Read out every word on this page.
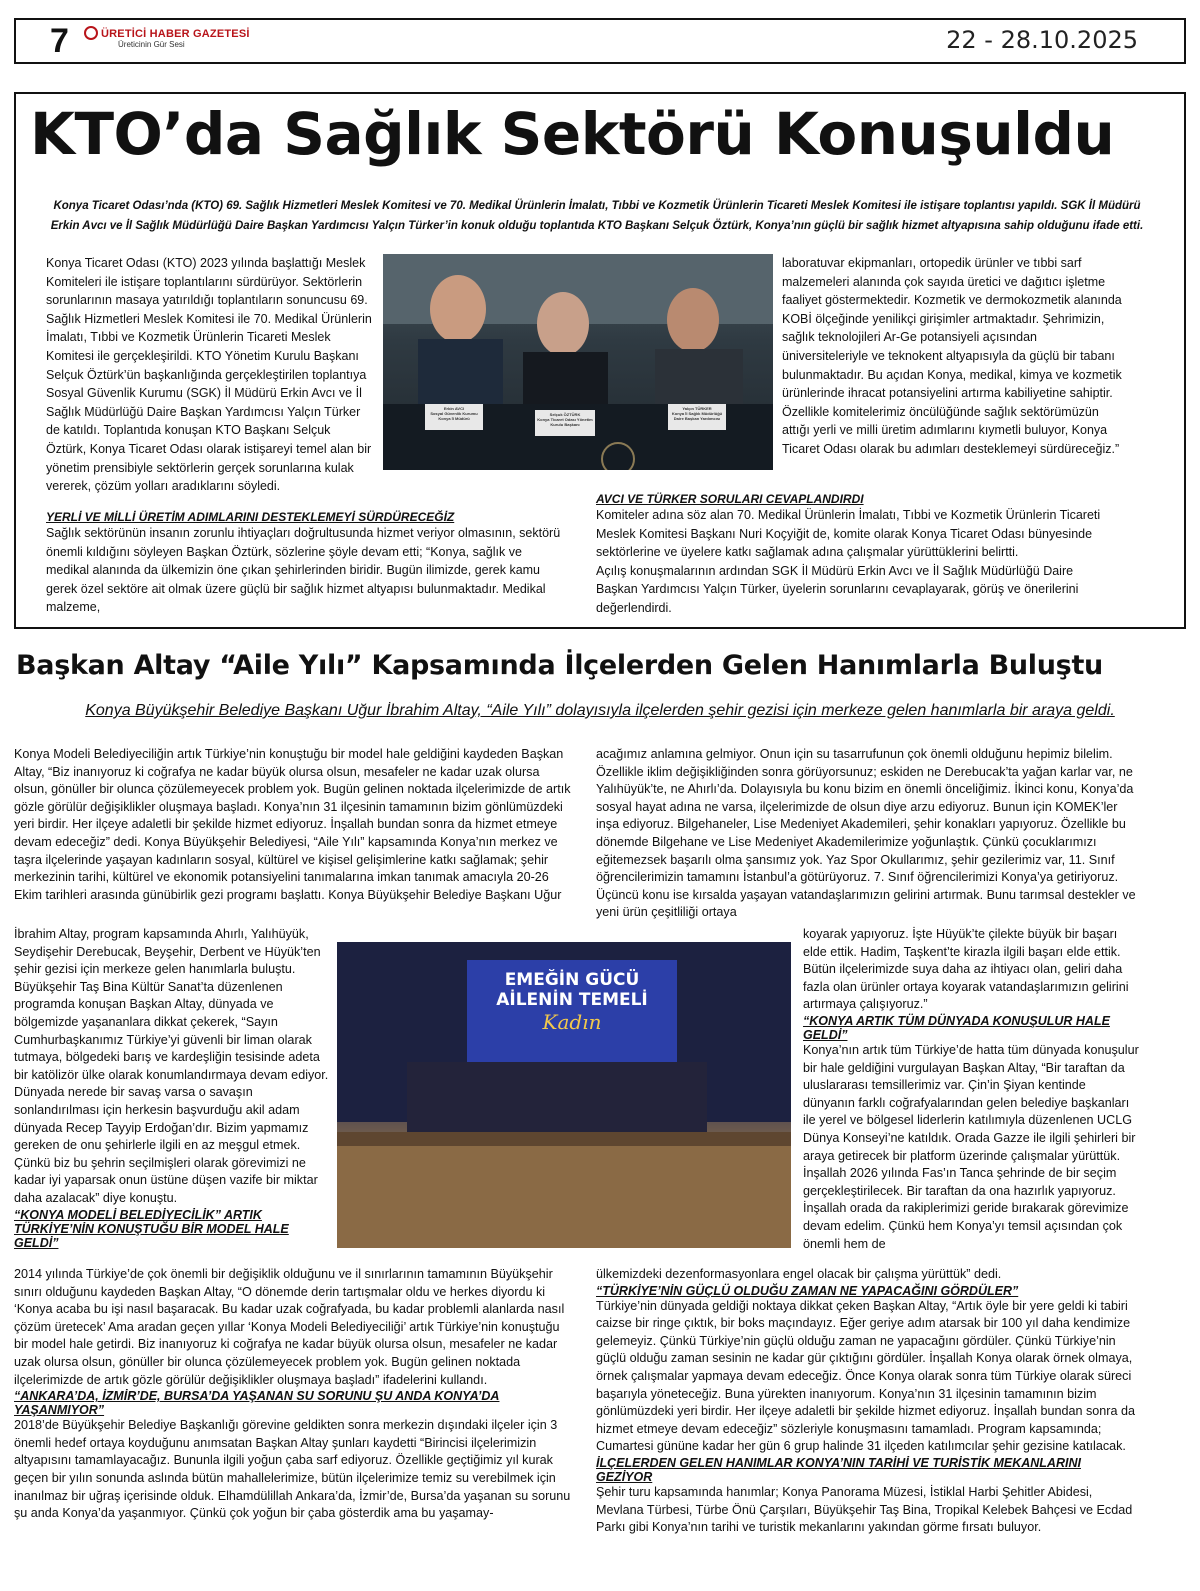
7	ÜRETİCİ HABER GAZETESİ
Üreticinin Gür Sesi	22 - 28.10.2025
KTO’da Sağlık Sektörü Konuşuldu
Konya Ticaret Odası’nda (KTO) 69. Sağlık Hizmetleri Meslek Komitesi ve 70. Medikal Ürünlerin İmalatı, Tıbbi ve Kozmetik Ürünlerin Ticareti Meslek Komitesi ile istişare toplantısı yapıldı. SGK İl Müdürü Erkin Avcı ve İl Sağlık Müdürlüğü Daire Başkan Yardımcısı Yalçın Türker’in konuk olduğu toplantıda KTO Başkanı Selçuk Öztürk, Konya’nın güçlü bir sağlık hizmet altyapısına sahip olduğunu ifade etti.

Konya Ticaret Odası (KTO) 2023 yılında başlattığı Meslek Komiteleri ile istişare toplantılarını sürdürüyor. Sektörlerin sorunlarının masaya yatırıldığı toplantıların sonuncusu 69. Sağlık Hizmetleri Meslek Komitesi ile 70. Medikal Ürünlerin İmalatı, Tıbbi ve Kozmetik Ürünlerin Ticareti Meslek Komitesi ile gerçekleşirildi. KTO Yönetim Kurulu Başkanı Selçuk Öztürk’ün başkanlığında gerçekleştirilen toplantıya Sosyal Güvenlik Kurumu (SGK) İl Müdürü Erkin Avcı ve İl Sağlık Müdürlüğü Daire Başkan Yardımcısı Yalçın Türker de katıldı. Toplantıda konuşan KTO Başkanı Selçuk Öztürk, Konya Ticaret Odası olarak istişareyi temel alan bir yönetim prensibiyle sektörlerin gerçek sorunlarına kulak vererek, çözüm yolları aradıklarını söyledi.

Erkin AVCI
Sosyal Güvenlik Kurumu Konya İl Müdürü
Selçuk ÖZTÜRK
Konya Ticaret Odası Yönetim Kurulu Başkanı
Yalçın TÜRKER
Konya İl Sağlık Müdürlüğü Daire Başkan Yardımcısı

laboratuvar ekipmanları, ortopedik ürünler ve tıbbi sarf malzemeleri alanında çok sayıda üretici ve dağıtıcı işletme faaliyet göstermektedir. Kozmetik ve dermokozmetik alanında KOBİ ölçeğinde yenilikçi girişimler artmaktadır. Şehrimizin, sağlık teknolojileri Ar-Ge potansiyeli açısından üniversiteleriyle ve teknokent altyapısıyla da güçlü bir tabanı bulunmaktadır. Bu açıdan Konya, medikal, kimya ve kozmetik ürünlerinde ihracat potansiyelini artırma kabiliyetine sahiptir. Özellikle komitelerimiz öncülüğünde sağlık sektörümüzün attığı yerli ve milli üretim adımlarını kıymetli buluyor, Konya Ticaret Odası olarak bu adımları desteklemeyi sürdüreceğiz.”

YERLİ VE MİLLİ ÜRETİM ADIMLARINI DESTEKLEMEYİ SÜRDÜRECEĞİZ

Sağlık sektörünün insanın zorunlu ihtiyaçları doğrultusunda hizmet veriyor olmasının, sektörü önemli kıldığını söyleyen Başkan Öztürk, sözlerine şöyle devam etti; “Konya, sağlık ve medikal alanında da ülkemizin öne çıkan şehirlerinden biridir. Bugün ilimizde, gerek kamu gerek özel sektöre ait olmak üzere güçlü bir sağlık hizmet altyapısı bulunmaktadır. Medikal malzeme,

AVCI VE TÜRKER SORULARI CEVAPLANDIRDI

Komiteler adına söz alan 70. Medikal Ürünlerin İmalatı, Tıbbi ve Kozmetik Ürünlerin Ticareti Meslek Komitesi Başkanı Nuri Koçyiğit de, komite olarak Konya Ticaret Odası bünyesinde sektörlerine ve üyelere katkı sağlamak adına çalışmalar yürüttüklerini belirtti.

Açılış konuşmalarının ardından SGK İl Müdürü Erkin Avcı ve İl Sağlık Müdürlüğü Daire Başkan Yardımcısı Yalçın Türker, üyelerin sorunlarını cevaplayarak, görüş ve önerilerini değerlendirdi.

Başkan Altay “Aile Yılı” Kapsamında İlçelerden Gelen Hanımlarla Buluştu
Konya Büyükşehir Belediye Başkanı Uğur İbrahim Altay, “Aile Yılı” dolayısıyla ilçelerden şehir gezisi için merkeze gelen hanımlarla bir araya geldi.

Konya Modeli Belediyeciliğin artık Türkiye’nin konuştuğu bir model hale geldiğini kaydeden Başkan Altay, “Biz inanıyoruz ki coğrafya ne kadar büyük olursa olsun, mesafeler ne kadar uzak olursa olsun, gönüller bir olunca çözülemeyecek problem yok. Bugün gelinen noktada ilçelerimizde de artık gözle görülür değişiklikler oluşmaya başladı. Konya’nın 31 ilçesinin tamamının bizim gönlümüzdeki yeri birdir. Her ilçeye adaletli bir şekilde hizmet ediyoruz. İnşallah bundan sonra da hizmet etmeye devam edeceğiz” dedi. Konya Büyükşehir Belediyesi, “Aile Yılı” kapsamında Konya’nın merkez ve taşra ilçelerinde yaşayan kadınların sosyal, kültürel ve kişisel gelişimlerine katkı sağlamak; şehir merkezinin tarihi, kültürel ve ekonomik potansiyelini tanımalarına imkan tanımak amacıyla 20-26 Ekim tarihleri arasında günübirlik gezi programı başlattı. Konya Büyükşehir Belediye Başkanı Uğur

İbrahim Altay, program kapsamında Ahırlı, Yalıhüyük, Seydişehir Derebucak, Beyşehir, Derbent ve Hüyük’ten şehir gezisi için merkeze gelen hanımlarla buluştu. Büyükşehir Taş Bina Kültür Sanat’ta düzenlenen programda konuşan Başkan Altay, dünyada ve bölgemizde yaşananlara dikkat çekerek, “Sayın Cumhurbaşkanımız Türkiye’yi güvenli bir liman olarak tutmaya, bölgedeki barış ve kardeşliğin tesisinde adeta bir katölizör ülke olarak konumlandırmaya devam ediyor. Dünyada nerede bir savaş varsa o savaşın sonlandırılması için herkesin başvurduğu akil adam dünyada Recep Tayyip Erdoğan’dır. Bizim yapmamız gereken de onu şehirlerle ilgili en az meşgul etmek. Çünkü biz bu şehrin seçilmişleri olarak görevimizi ne kadar iyi yaparsak onun üstüne düşen vazife bir miktar daha azalacak” diye konuştu.

“KONYA MODELİ BELEDİYECİLİK” ARTIK TÜRKİYE’NİN KONUŞTUĞU BİR MODEL HALE GELDİ”
EMEĞİN GÜCÜ
AİLENİN TEMELİ
Kadın

2014 yılında Türkiye’de çok önemli bir değişiklik olduğunu ve il sınırlarının tamamının Büyükşehir sınırı olduğunu kaydeden Başkan Altay, “O dönemde derin tartışmalar oldu ve herkes diyordu ki ‘Konya acaba bu işi nasıl başaracak. Bu kadar uzak coğrafyada, bu kadar problemli alanlarda nasıl çözüm üretecek’ Ama aradan geçen yıllar ‘Konya Modeli Belediyeciliği’ artık Türkiye’nin konuştuğu bir model hale getirdi. Biz inanıyoruz ki coğrafya ne kadar büyük olursa olsun, mesafeler ne kadar uzak olursa olsun, gönüller bir olunca çözülemeyecek problem yok. Bugün gelinen noktada ilçelerimizde de artık gözle görülür değişiklikler oluşmaya başladı” ifadelerini kullandı.

“ANKARA’DA, İZMİR’DE, BURSA’DA YAŞANAN SU SORUNU ŞU ANDA KONYA’DA YAŞANMIYOR”

2018’de Büyükşehir Belediye Başkanlığı görevine geldikten sonra merkezin dışındaki ilçeler için 3 önemli hedef ortaya koyduğunu anımsatan Başkan Altay şunları kaydetti “Birincisi ilçelerimizin altyapısını tamamlayacağız. Bununla ilgili yoğun çaba sarf ediyoruz. Özellikle geçtiğimiz yıl kurak geçen bir yılın sonunda aslında bütün mahallelerimize, bütün ilçelerimize temiz su verebilmek için inanılmaz bir uğraş içerisinde olduk. Elhamdülillah Ankara’da, İzmir’de, Bursa’da yaşanan su sorunu şu anda Konya’da yaşanmıyor. Çünkü çok yoğun bir çaba gösterdik ama bu yaşamay-

acağımız anlamına gelmiyor. Onun için su tasarrufunun çok önemli olduğunu hepimiz bilelim. Özellikle iklim değişikliğinden sonra görüyorsunuz; eskiden ne Derebucak’ta yağan karlar var, ne Yalıhüyük’te, ne Ahırlı’da. Dolayısıyla bu konu bizim en önemli önceliğimiz. İkinci konu, Konya’da sosyal hayat adına ne varsa, ilçelerimizde de olsun diye arzu ediyoruz. Bunun için KOMEK’ler inşa ediyoruz. Bilgehaneler, Lise Medeniyet Akademileri, şehir konakları yapıyoruz. Özellikle bu dönemde Bilgehane ve Lise Medeniyet Akademilerimize yoğunlaştık. Çünkü çocuklarımızı eğitemezsek başarılı olma şansımız yok. Yaz Spor Okullarımız, şehir gezilerimiz var, 11. Sınıf öğrencilerimizin tamamını İstanbul’a götürüyoruz. 7. Sınıf öğrencilerimizi Konya’ya getiriyoruz. Üçüncü konu ise kırsalda yaşayan vatandaşlarımızın gelirini artırmak. Bunu tarımsal destekler ve yeni ürün çeşitliliği ortaya

koyarak yapıyoruz. İşte Hüyük’te çilekte büyük bir başarı elde ettik. Hadim, Taşkent’te kirazla ilgili başarı elde ettik. Bütün ilçelerimizde suya daha az ihtiyacı olan, geliri daha fazla olan ürünler ortaya koyarak vatandaşlarımızın gelirini artırmaya çalışıyoruz.”

“KONYA ARTIK TÜM DÜNYADA KONUŞULUR HALE GELDİ”

Konya’nın artık tüm Türkiye’de hatta tüm dünyada konuşulur bir hale geldiğini vurgulayan Başkan Altay, “Bir taraftan da uluslararası temsillerimiz var. Çin’in Şiyan kentinde dünyanın farklı coğrafyalarından gelen belediye başkanları ile yerel ve bölgesel liderlerin katılımıyla düzenlenen UCLG Dünya Konseyi’ne katıldık. Orada Gazze ile ilgili şehirleri bir araya getirecek bir platform üzerinde çalışmalar yürüttük. İnşallah 2026 yılında Fas’ın Tanca şehrinde de bir seçim gerçekleştirilecek. Bir taraftan da ona hazırlık yapıyoruz. İnşallah orada da rakiplerimizi geride bırakarak görevimize devam edelim. Çünkü hem Konya’yı temsil açısından çok önemli hem de

ülkemizdeki dezenformasyonlara engel olacak bir çalışma yürüttük” dedi.

“TÜRKİYE’NİN GÜÇLÜ OLDUĞU ZAMAN NE YAPACAĞINI GÖRDÜLER”

Türkiye’nin dünyada geldiği noktaya dikkat çeken Başkan Altay, “Artık öyle bir yere geldi ki tabiri caizse bir ringe çıktık, bir boks maçındayız. Eğer geriye adım atarsak bir 100 yıl daha kendimize gelemeyiz. Çünkü Türkiye’nin güçlü olduğu zaman ne yapacağını gördüler. Çünkü Türkiye’nin güçlü olduğu zaman sesinin ne kadar gür çıktığını gördüler. İnşallah Konya olarak örnek olmaya, örnek çalışmalar yapmaya devam edeceğiz. Önce Konya olarak sonra tüm Türkiye olarak süreci başarıyla yöneteceğiz. Buna yürekten inanıyorum. Konya’nın 31 ilçesinin tamamının bizim gönlümüzdeki yeri birdir. Her ilçeye adaletli bir şekilde hizmet ediyoruz. İnşallah bundan sonra da hizmet etmeye devam edeceğiz” sözleriyle konuşmasını tamamladı. Program kapsamında; Cumartesi gününe kadar her gün 6 grup halinde 31 ilçeden katılımcılar şehir gezisine katılacak.

İLÇELERDEN GELEN HANIMLAR KONYA’NIN TARİHİ VE TURİSTİK MEKANLARINI GEZİYOR

Şehir turu kapsamında hanımlar; Konya Panorama Müzesi, İstiklal Harbi Şehitler Abidesi, Mevlana Türbesi, Türbe Önü Çarşıları, Büyükşehir Taş Bina, Tropikal Kelebek Bahçesi ve Ecdad Parkı gibi Konya’nın tarihi ve turistik mekanlarını yakından görme fırsatı buluyor.
